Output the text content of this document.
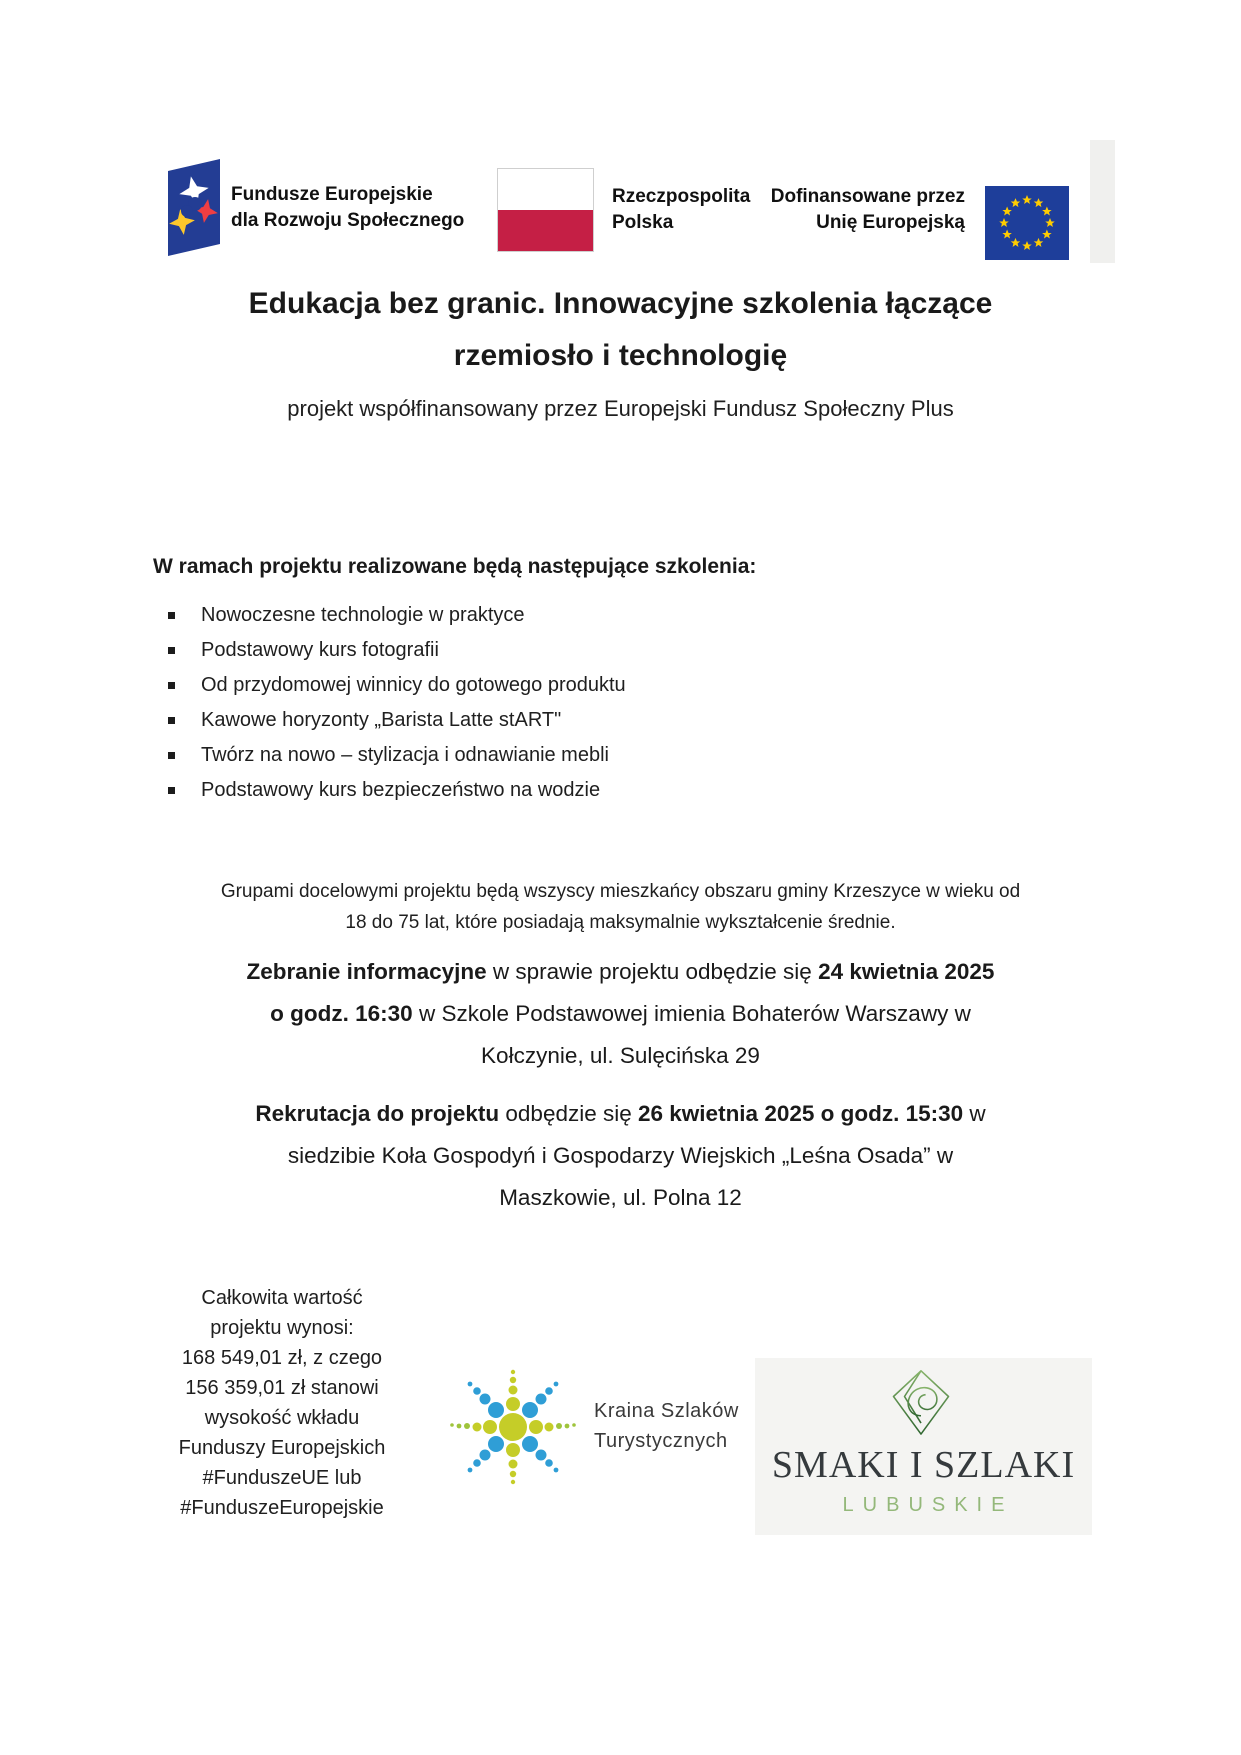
Fundusze Europejskie
dla Rozwoju Społecznego
Rzeczpospolita
Polska
Dofinansowane przez
Unię Europejską
Edukacja bez granic. Innowacyjne szkolenia łączące
rzemiosło i technologię
projekt współfinansowany przez Europejski Fundusz Społeczny Plus
W ramach projektu realizowane będą następujące szkolenia:
Nowoczesne technologie w praktyce
Podstawowy kurs fotografii
Od przydomowej winnicy do gotowego produktu
Kawowe horyzonty „Barista Latte stART"
Twórz na nowo – stylizacja i odnawianie mebli
Podstawowy kurs bezpieczeństwo na wodzie
Grupami docelowymi projektu będą wszyscy mieszkańcy obszaru gminy Krzeszyce w wieku od
18 do 75 lat, które posiadają maksymalnie wykształcenie średnie.
Zebranie informacyjne w sprawie projektu odbędzie się 24 kwietnia 2025
o godz. 16:30 w Szkole Podstawowej imienia Bohaterów Warszawy w
Kołczynie, ul. Sulęcińska 29
Rekrutacja do projektu odbędzie się 26 kwietnia 2025 o godz. 15:30 w
siedzibie Koła Gospodyń i Gospodarzy Wiejskich „Leśna Osada” w
Maszkowie, ul. Polna 12
Całkowita wartość
projektu wynosi:
168 549,01 zł, z czego
156 359,01 zł stanowi
wysokość wkładu
Funduszy Europejskich
#FunduszeUE lub
#FunduszeEuropejskie
Kraina Szlaków
Turystycznych
SMAKI I SZLAKI
LUBUSKIE
